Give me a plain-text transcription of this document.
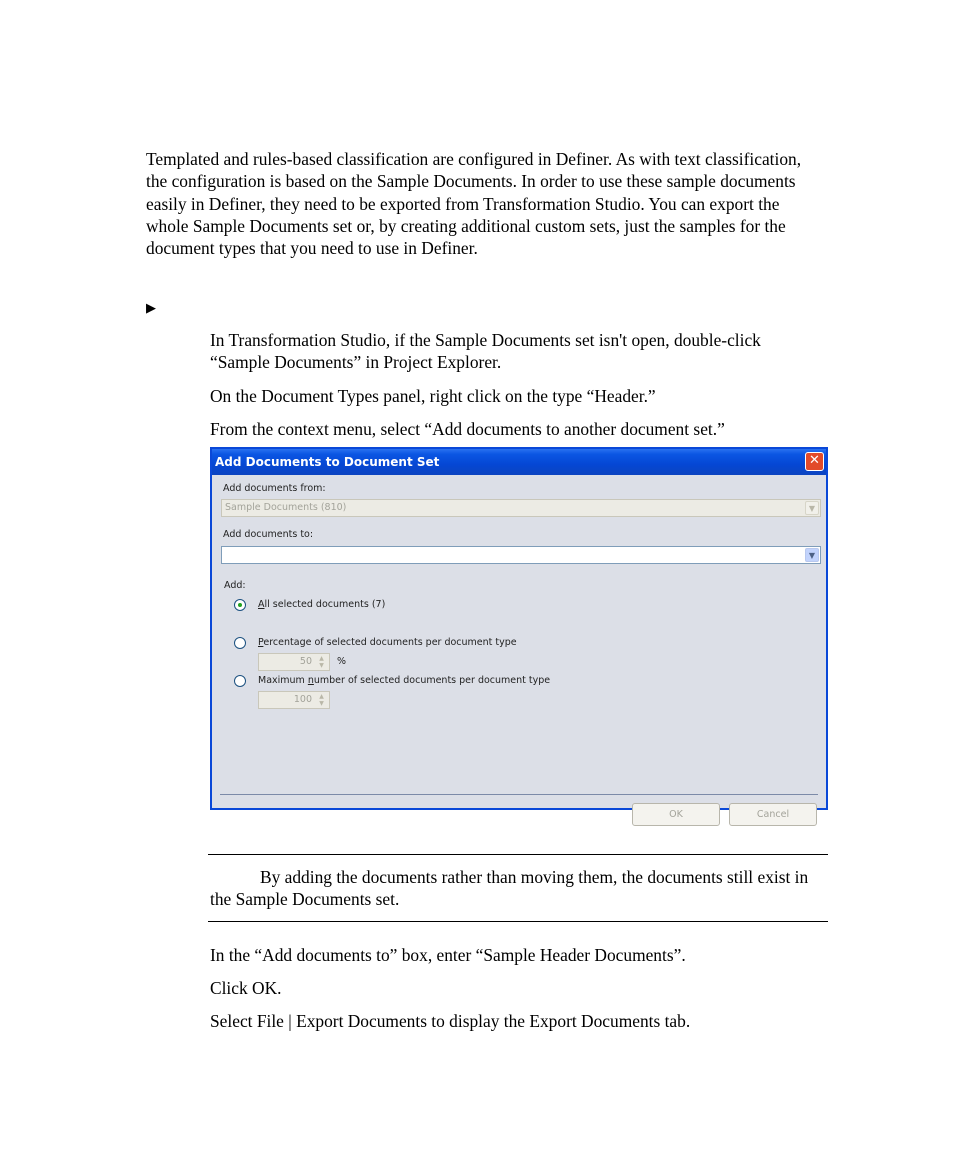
Templated and rules-based classification are configured in Definer. As with text classification, the configuration is based on the Sample Documents. In order to use these sample documents easily in Definer, they need to be exported from Transformation Studio. You can export the whole Sample Documents set or, by creating additional custom sets, just the samples for the document types that you need to use in Definer.

▶

In Transformation Studio, if the Sample Documents set isn't open, double-click “Sample Documents” in Project Explorer.

On the Document Types panel, right click on the type “Header.”

From the context menu, select “Add documents to another document set.”

Add Documents to Document Set	✕
Add documents from:
Sample Documents (810)	▼
Add documents to:
▼
Add:
All selected documents (7)
Percentage of selected documents per document type
50	▲
▼	%
Maximum number of selected documents per document type
100	▲
▼
OK	Cancel

By adding the documents rather than moving them, the documents still exist in the Sample Documents set.

In the “Add documents to” box, enter “Sample Header Documents”.

Click OK.

Select File | Export Documents to display the Export Documents tab.
